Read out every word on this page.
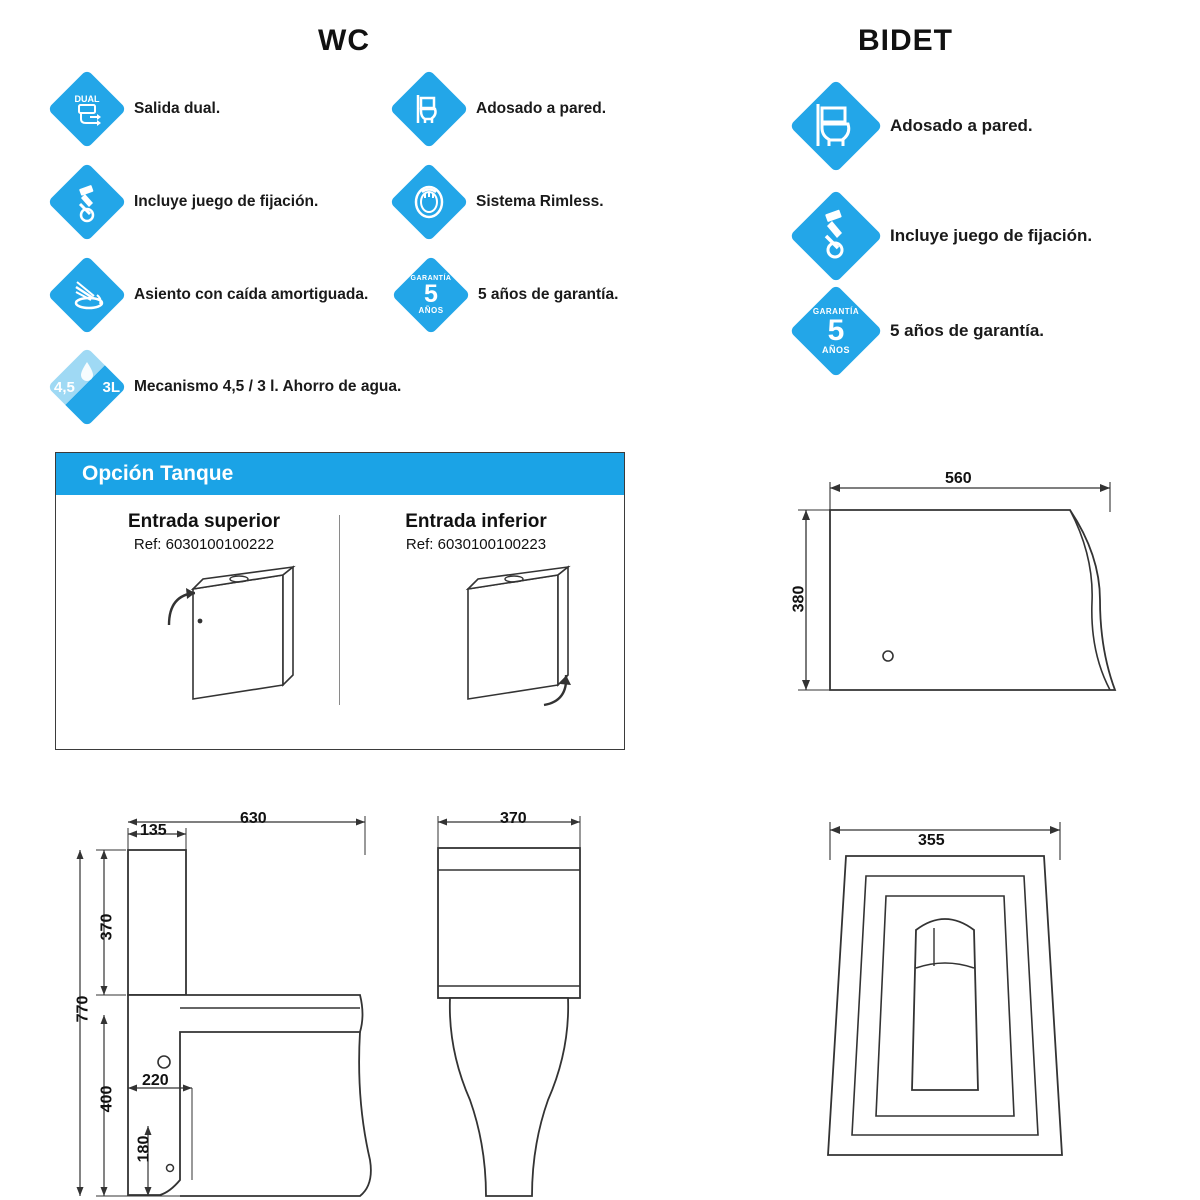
WC	BIDET
DUAL
Salida dual.	Adosado a pared.
Incluye juego de fijación.	Sistema Rimless.
Asiento con caída amortiguada.
GARANTÍA
5
AÑOS
5 años de garantía.
4,5 3L Mecanismo 4,5 / 3 l. Ahorro de agua.
Adosado a pared.
Incluye juego de fijación.
GARANTÍA
5
AÑOS
5 años de garantía.
Opción Tanque
Entrada superior
Ref: 6030100100222
Entrada inferior
Ref: 6030100100223
560
380
135
630
370
770
400
220
180
370
355
